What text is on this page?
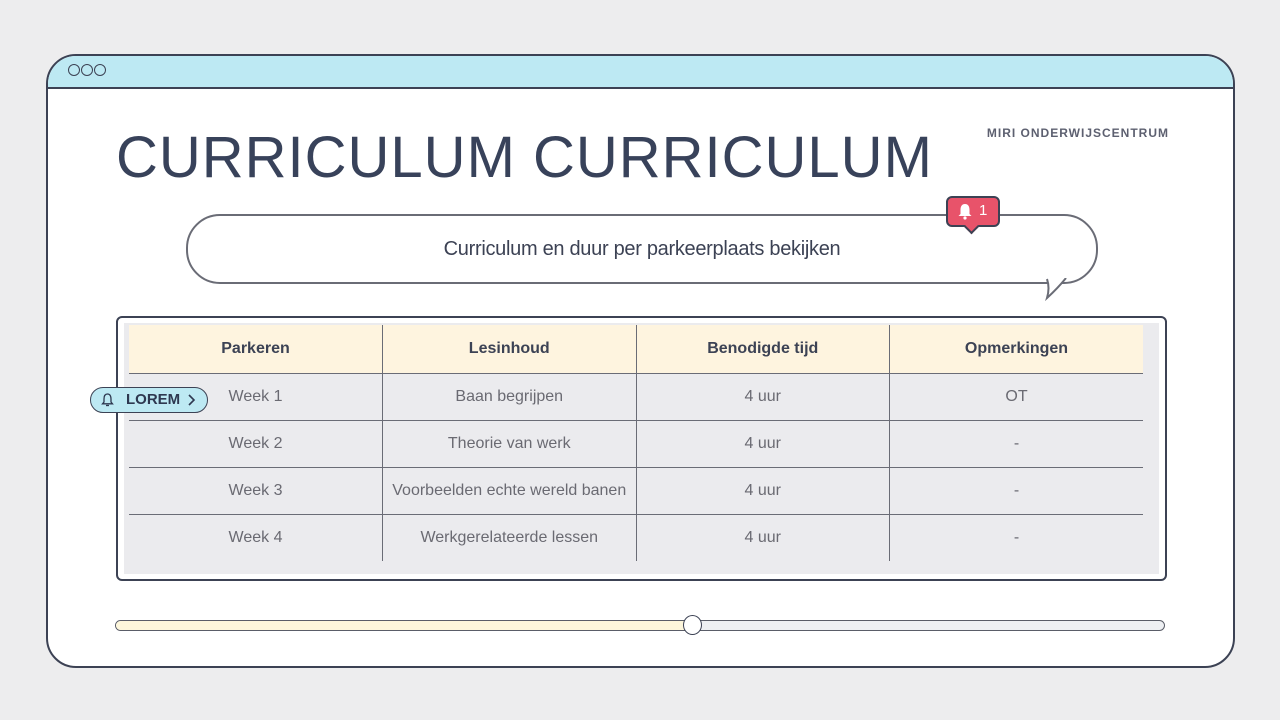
CURRICULUM CURRICULUM	MIRI ONDERWIJSCENTRUM
Curriculum en duur per parkeerplaats bekijken
1
Parkeren	Lesinhoud	Benodigde tijd	Opmerkingen
Week 1	Baan begrijpen	4 uur	OT
Week 2	Theorie van werk	4 uur	-
Week 3	Voorbeelden echte wereld banen	4 uur	-
Week 4	Werkgerelateerde lessen	4 uur	-
LOREM
